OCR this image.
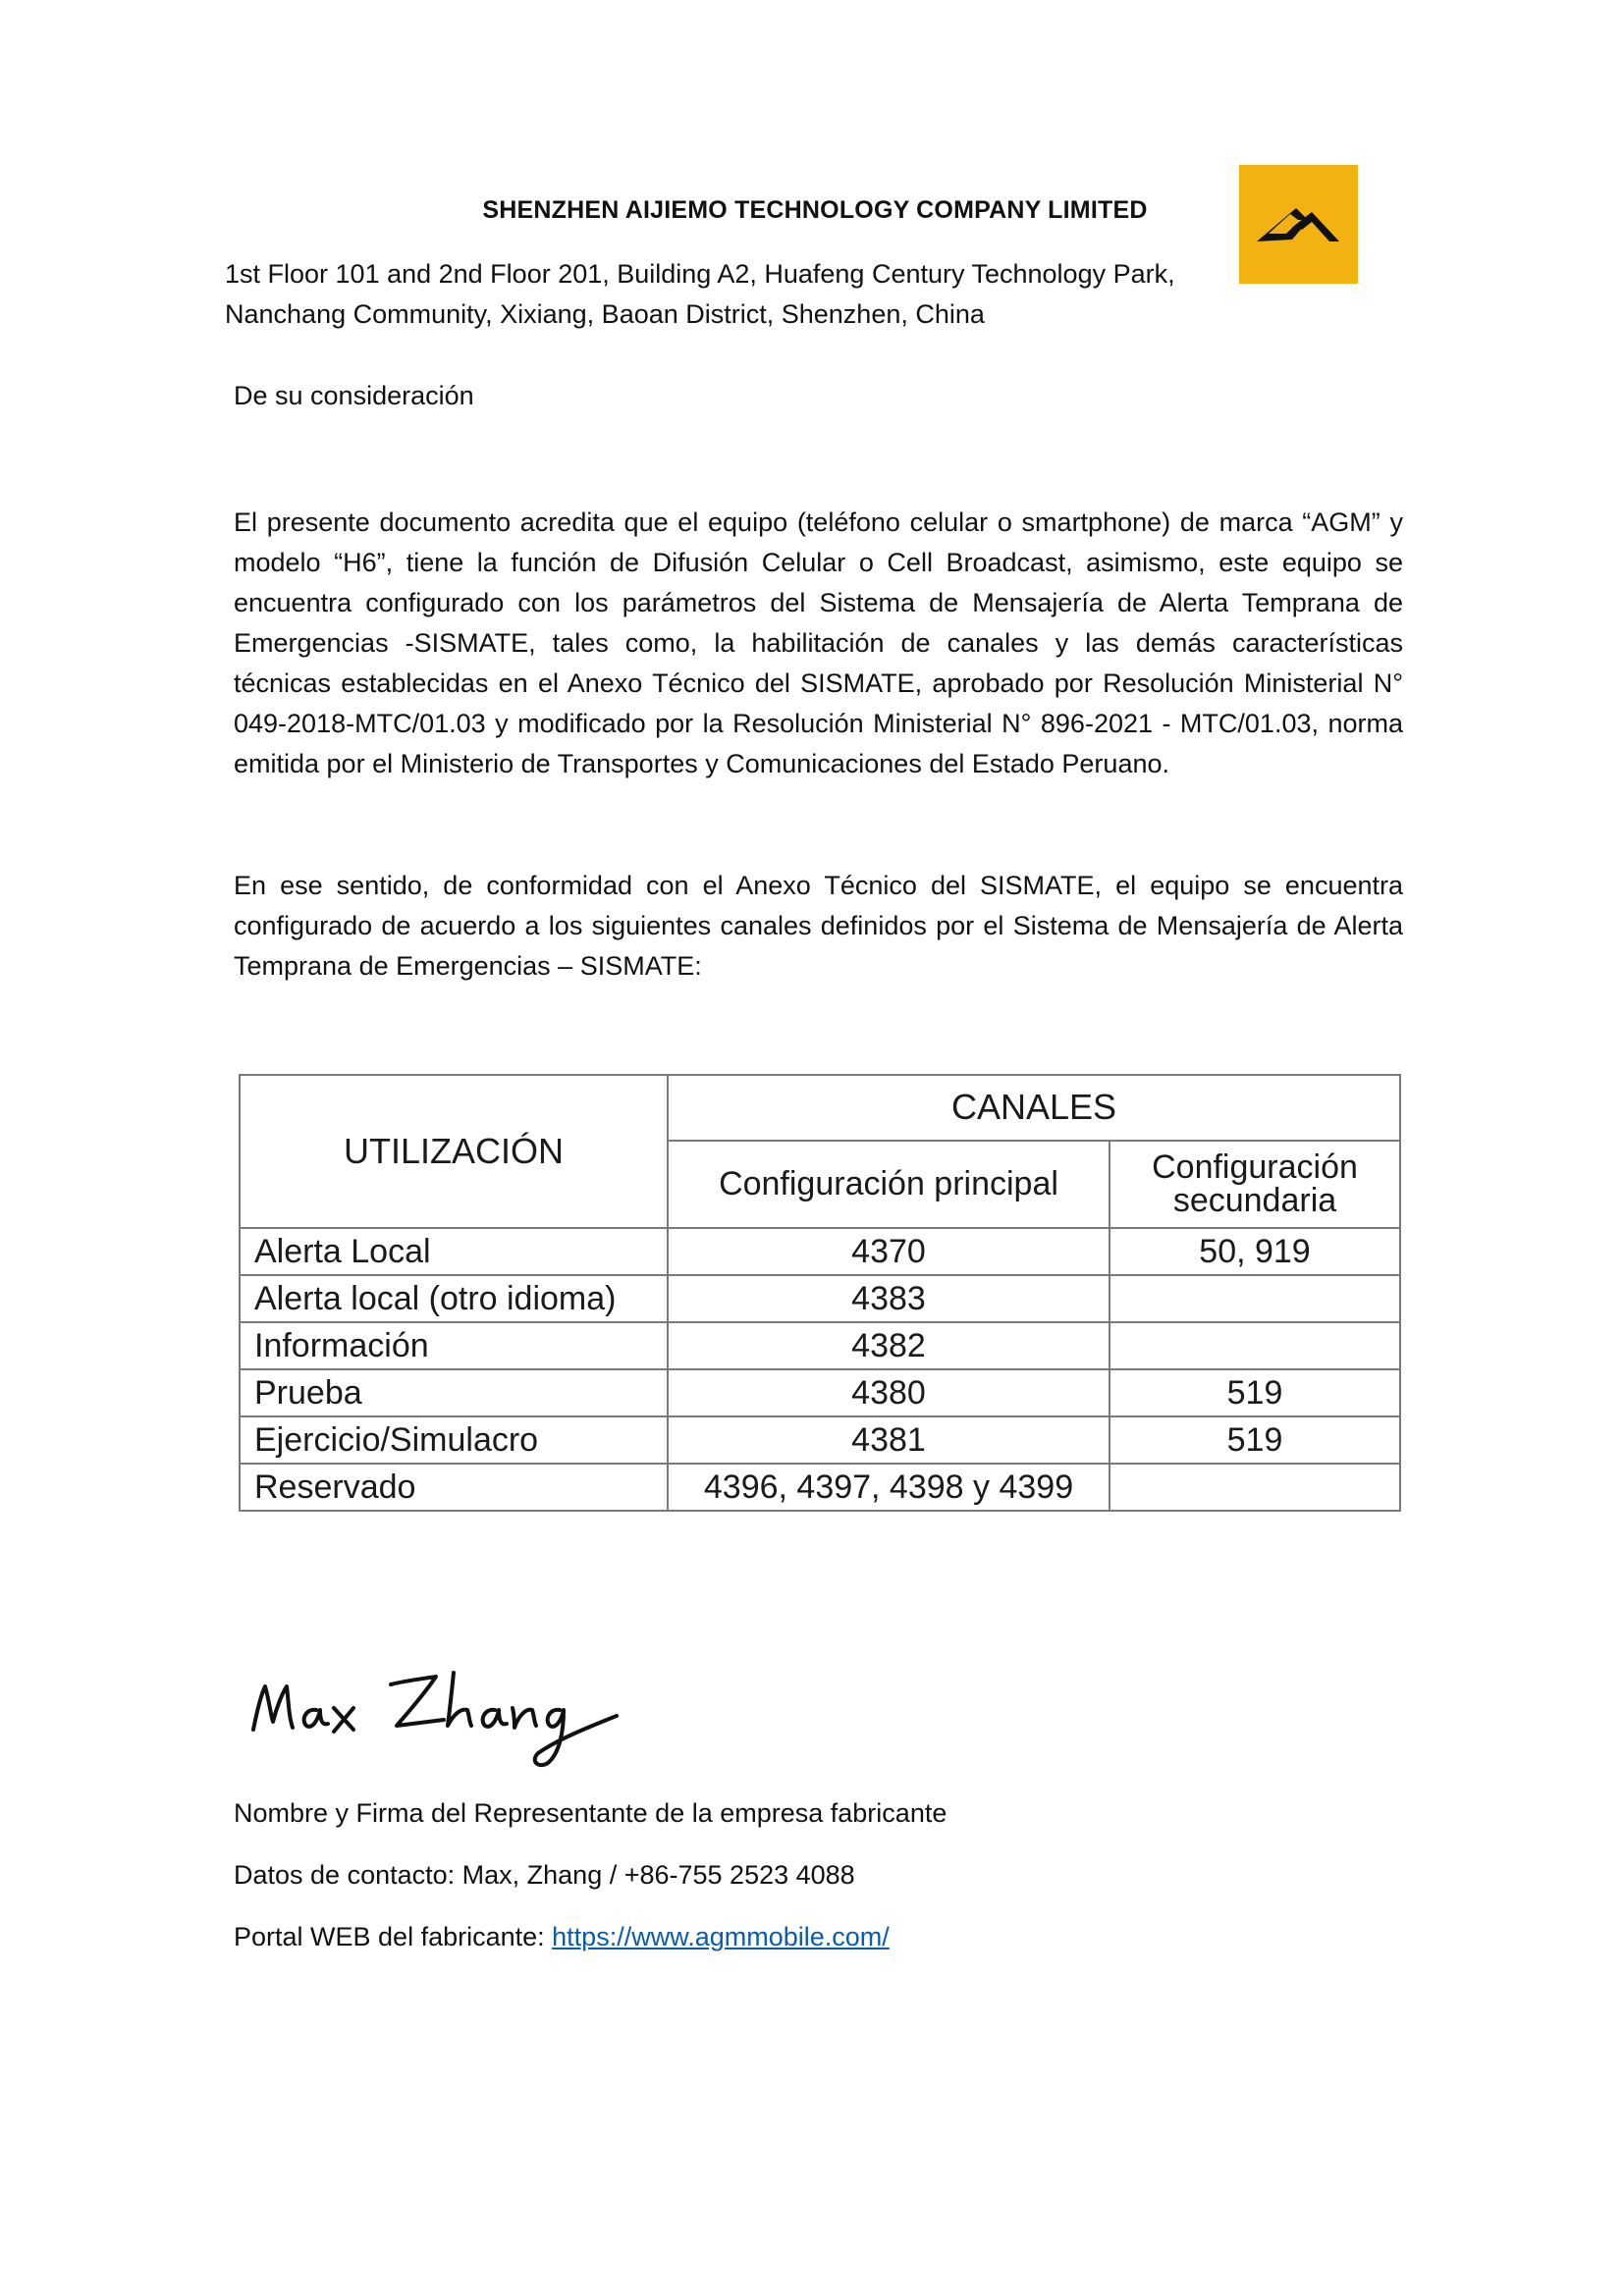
SHENZHEN AIJIEMO TECHNOLOGY COMPANY LIMITED
1st Floor 101 and 2nd Floor 201, Building A2, Huafeng Century Technology Park,
Nanchang Community, Xixiang, Baoan District, Shenzhen, China
De su consideración
El presente documento acredita que el equipo (teléfono celular o smartphone) de marca “AGM” y modelo “H6”, tiene la función de Difusión Celular o Cell Broadcast, asimismo, este equipo se encuentra configurado con los parámetros del Sistema de Mensajería de Alerta Temprana de Emergencias -SISMATE, tales como, la habilitación de canales y las demás características técnicas establecidas en el Anexo Técnico del SISMATE, aprobado por Resolución Ministerial N° 049-2018-MTC/01.03 y modificado por la Resolución Ministerial N° 896-2021 - MTC/01.03, norma emitida por el Ministerio de Transportes y Comunicaciones del Estado Peruano.
En ese sentido, de conformidad con el Anexo Técnico del SISMATE, el equipo se encuentra configurado de acuerdo a los siguientes canales definidos por el Sistema de Mensajería de Alerta Temprana de Emergencias – SISMATE:
UTILIZACIÓN	CANALES	
	Configuración principal	Configuración secundaria
Alerta Local	4370	50, 919
Alerta local (otro idioma)	4383	
Información	4382	
Prueba	4380	519
Ejercicio/Simulacro	4381	519
Reservado	4396, 4397, 4398 y 4399	
Nombre y Firma del Representante de la empresa fabricante
Datos de contacto: Max, Zhang / +86-755 2523 4088
Portal WEB del fabricante: https://www.agmmobile.com/
